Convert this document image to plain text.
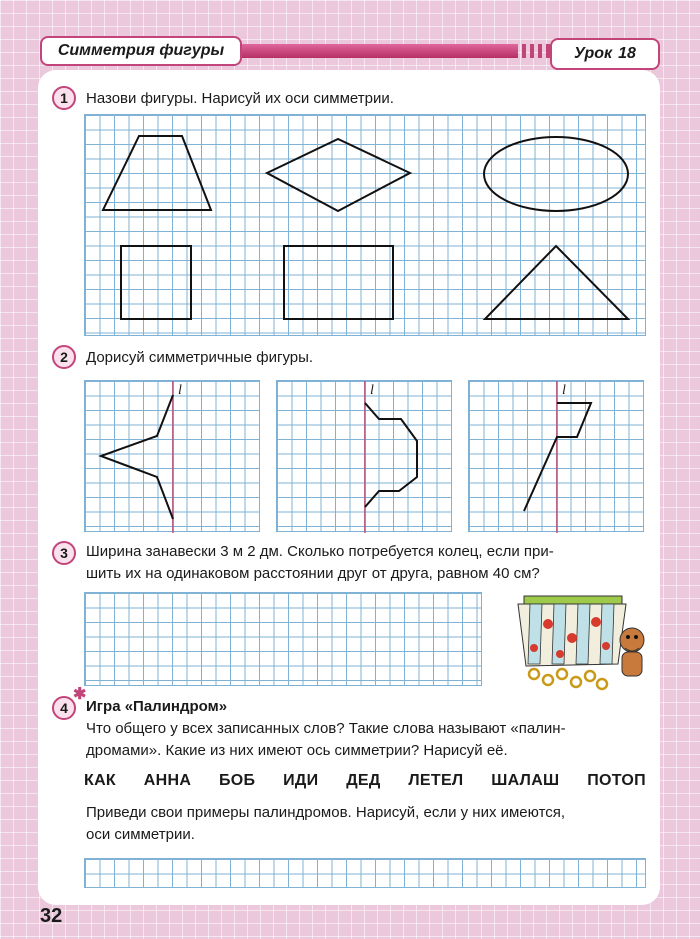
Симметрия фигуры	Урок 18
1	Назови фигуры. Нарисуй их оси симметрии.
2	Дорисуй симметричные фигуры.
l	l	l
3	Ширина занавески 3 м 2 дм. Сколько потребуется колец, если при-
шить их на одинаковом расстоянии друг от друга, равном 40 см?
✱
4	Игра «Палиндром»
Что общего у всех записанных слов? Такие слова называют «палин-
дромами». Какие из них имеют ось симметрии? Нарисуй её.
КАК АННА БОБ ИДИ ДЕД ЛЕТЕЛ ШАЛАШ ПОТОП
Приведи свои примеры палиндромов. Нарисуй, если у них имеются,
оси симметрии.
32
